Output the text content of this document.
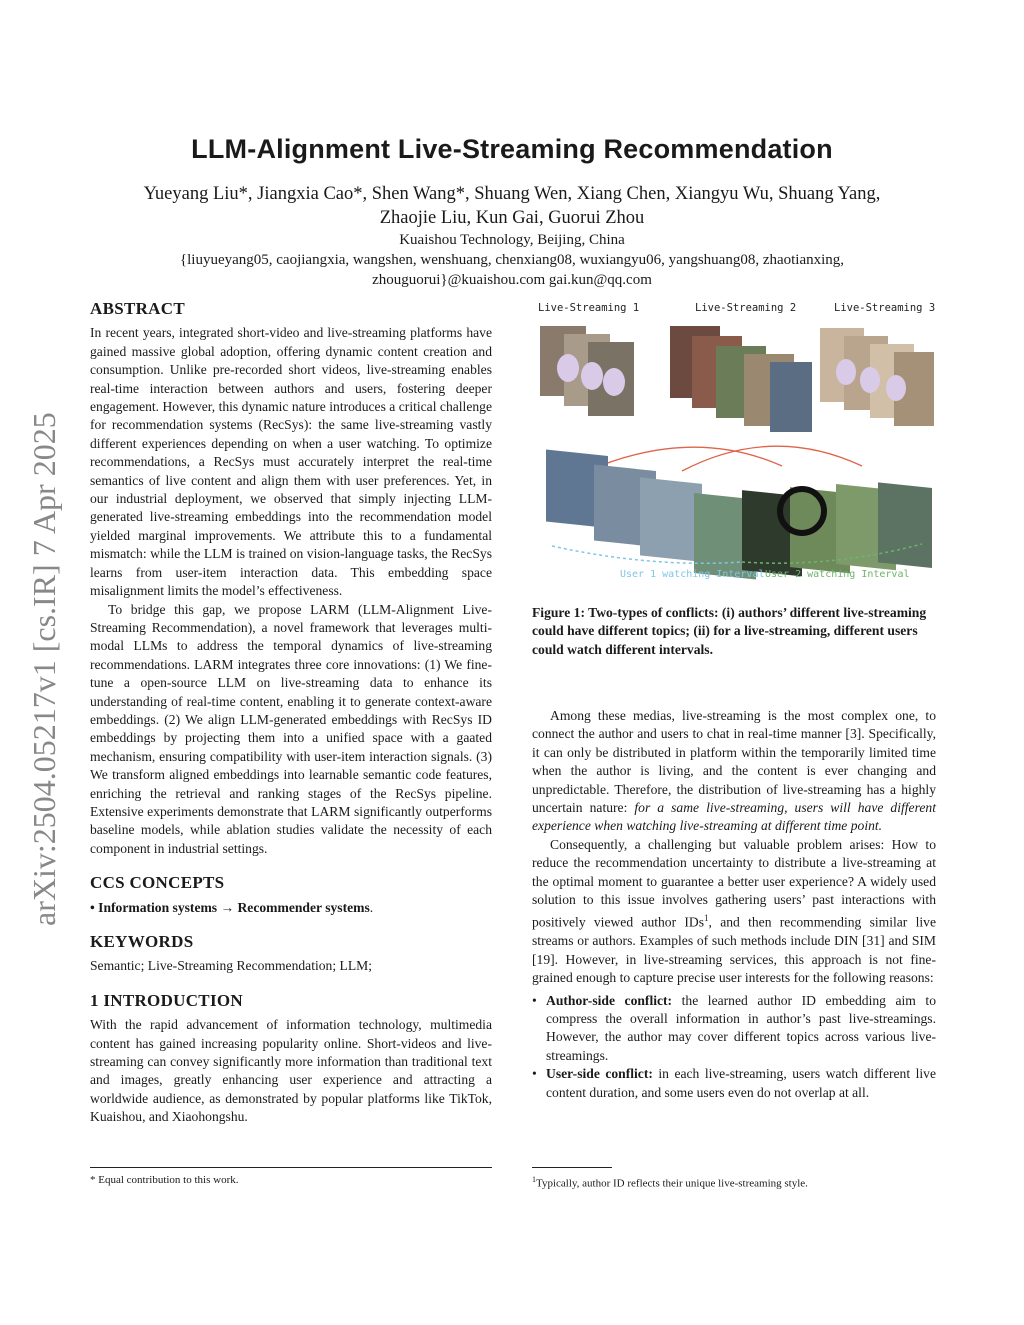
arXiv:2504.05217v1 [cs.IR] 7 Apr 2025
LLM-Alignment Live-Streaming Recommendation
Yueyang Liu*, Jiangxia Cao*, Shen Wang*, Shuang Wen, Xiang Chen, Xiangyu Wu, Shuang Yang,
Zhaojie Liu, Kun Gai, Guorui Zhou
Kuaishou Technology, Beijing, China
{liuyueyang05, caojiangxia, wangshen, wenshuang, chenxiang08, wuxiangyu06, yangshuang08, zhaotianxing,
zhouguorui}@kuaishou.com gai.kun@qq.com
ABSTRACT

In recent years, integrated short-video and live-streaming platforms have gained massive global adoption, offering dynamic content creation and consumption. Unlike pre-recorded short videos, live-streaming enables real-time interaction between authors and users, fostering deeper engagement. However, this dynamic nature introduces a critical challenge for recommendation systems (RecSys): the same live-streaming vastly different experiences depending on when a user watching. To optimize recommendations, a RecSys must accurately interpret the real-time semantics of live content and align them with user preferences. Yet, in our industrial deployment, we observed that simply injecting LLM-generated live-streaming embeddings into the recommendation model yielded marginal improvements. We attribute this to a fundamental mismatch: while the LLM is trained on vision-language tasks, the RecSys learns from user-item interaction data. This embedding space misalignment limits the model’s effectiveness.

To bridge this gap, we propose LARM (LLM-Alignment Live-Streaming Recommendation), a novel framework that leverages multi-modal LLMs to address the temporal dynamics of live-streaming recommendations. LARM integrates three core innovations: (1) We fine-tune a open-source LLM on live-streaming data to enhance its understanding of real-time content, enabling it to generate context-aware embeddings. (2) We align LLM-generated embeddings with RecSys ID embeddings by projecting them into a unified space with a gaated mechanism, ensuring compatibility with user-item interaction signals. (3) We transform aligned embeddings into learnable semantic code features, enriching the retrieval and ranking stages of the RecSys pipeline. Extensive experiments demonstrate that LARM significantly outperforms baseline models, while ablation studies validate the necessity of each component in industrial settings.

CCS CONCEPTS

• Information systems → Recommender systems.

KEYWORDS

Semantic; Live-Streaming Recommendation; LLM;

1 INTRODUCTION

With the rapid advancement of information technology, multimedia content has gained increasing popularity online. Short-videos and live-streaming can convey significantly more information than traditional text and images, greatly enhancing user experience and attracting a worldwide audience, as demonstrated by popular platforms like TikTok, Kuaishou, and Xiaohongshu.

* Equal contribution to this work.
Live-Streaming 1	Live-Streaming 2	Live-Streaming 3
User 1 watching Interval User 2 watching Interval
Figure 1: Two-types of conflicts: (i) authors’ different live-streaming could have different topics; (ii) for a live-streaming, different users could watch different intervals.

Among these medias, live-streaming is the most complex one, to connect the author and users to chat in real-time manner [3]. Specifically, it can only be distributed in platform within the temporarily limited time when the author is living, and the content is ever changing and unpredictable. Therefore, the distribution of live-streaming has a highly uncertain nature: for a same live-streaming, users will have different experience when watching live-streaming at different time point.

Consequently, a challenging but valuable problem arises: How to reduce the recommendation uncertainty to distribute a live-streaming at the optimal moment to guarantee a better user experience? A widely used solution to this issue involves gathering users’ past interactions with positively viewed author IDs$^1$, and then recommending similar live streams or authors. Examples of such methods include DIN [31] and SIM [19]. However, in live-streaming services, this approach is not fine-grained enough to capture precise user interests for the following reasons:

• Author-side conflict: the learned author ID embedding aim to compress the overall information in author’s past live-streamings. However, the author may cover different topics across various live-streamings.
• User-side conflict: in each live-streaming, users watch different live content duration, and some users even do not overlap at all.
$^1$Typically, author ID reflects their unique live-streaming style.
